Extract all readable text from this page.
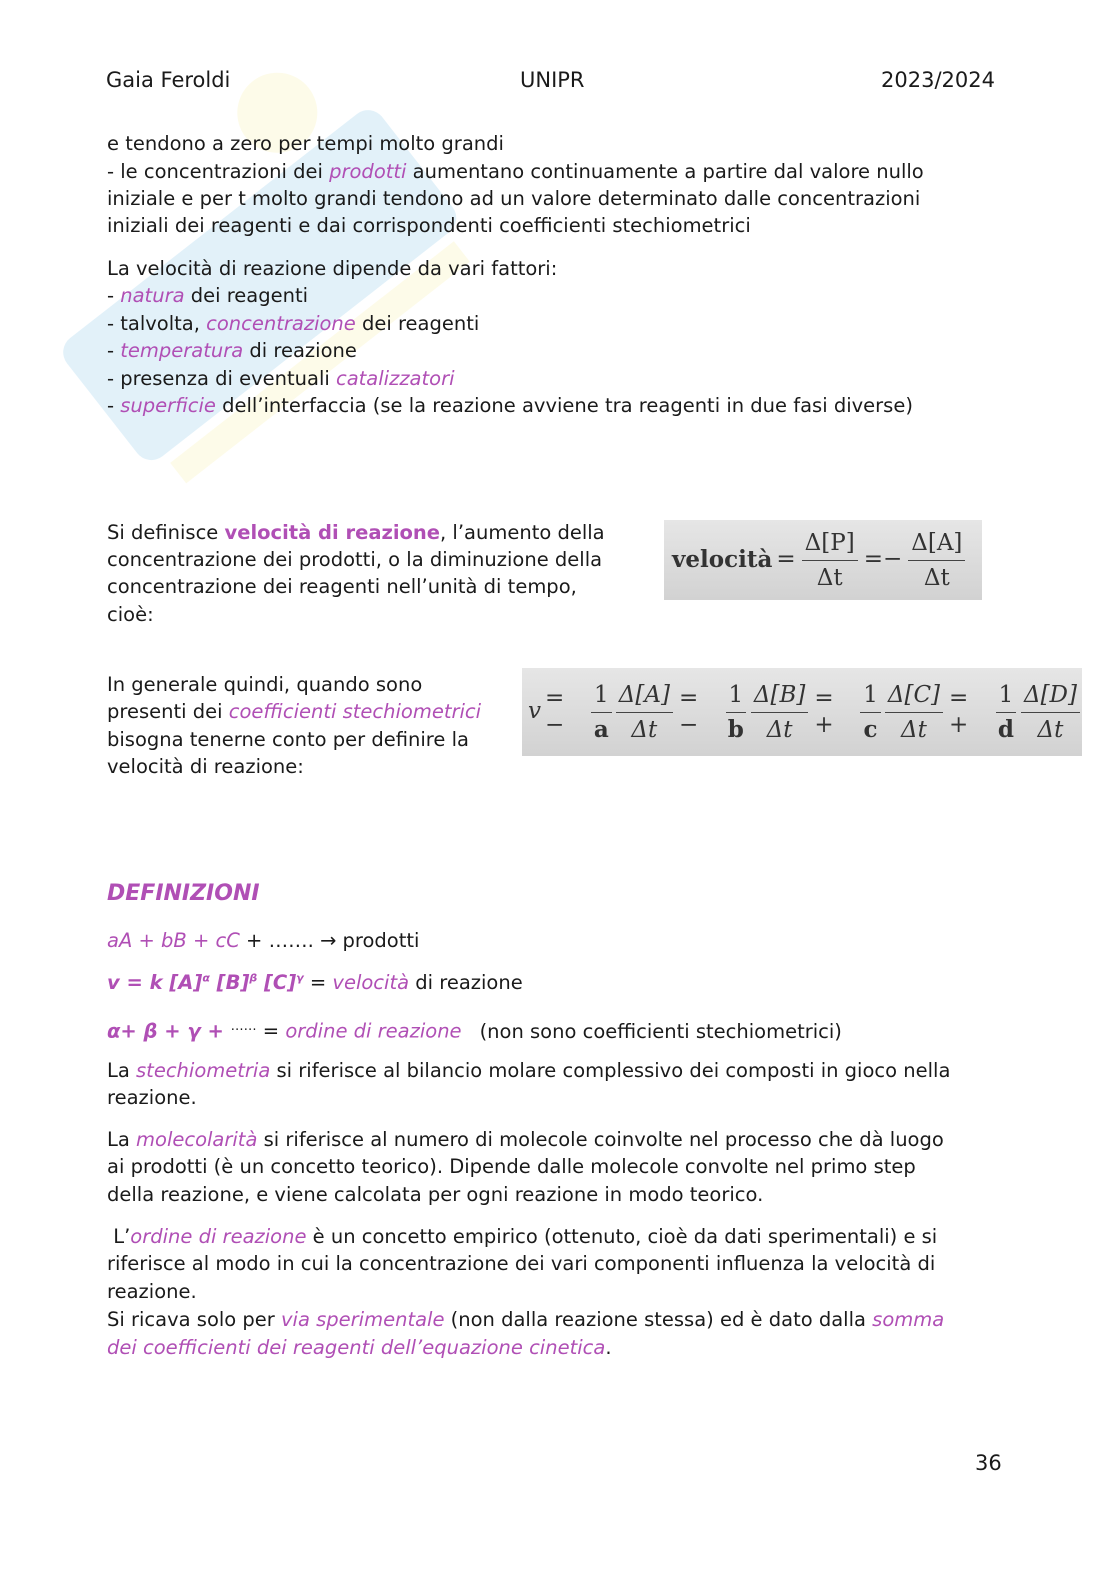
Gaia Feroldi	UNIPR	2023/2024
e tendono a zero per tempi molto grandi
- le concentrazioni dei prodotti aumentano continuamente a partire dal valore nullo
iniziale e per t molto grandi tendono ad un valore determinato dalle concentrazioni
iniziali dei reagenti e dai corrispondenti coefficienti stechiometrici
La velocità di reazione dipende da vari fattori:
- natura dei reagenti
- talvolta, concentrazione dei reagenti
- temperatura di reazione
- presenza di eventuali catalizzatori
- superficie dell’interfaccia (se la reazione avviene tra reagenti in due fasi diverse)
Si definisce velocità di reazione, l’aumento della
concentrazione dei prodotti, o la diminuzione della
concentrazione dei reagenti nell’unità di tempo,
cioè:
velocità = $\frac{\Delta[P]}{\Delta t} =- \frac{\Delta[A]}{\Delta t}$
In generale quindi, quando sono
presenti dei coefficienti stechiometrici
bisogna tenerne conto per definire la
velocità di reazione:
v
= −	$\frac{1}{a} \frac{\Delta[A]}{\Delta t}$ = −	$\frac{1}{b} \frac{\Delta[B]}{\Delta t}$ = +	$\frac{1}{c} \frac{\Delta[C]}{\Delta t}$ = +	$\frac{1}{d} \frac{\Delta[D]}{\Delta t}$
DEFINIZIONI
aA + bB + cC + ……. → prodotti
v = k $[A]^\alpha$ $[B]^\beta$ $[C]^\gamma$ = velocità di reazione
α+ β + γ + …… = ordine di reazione (non sono coefficienti stechiometrici)
La stechiometria si riferisce al bilancio molare complessivo dei composti in gioco nella
reazione.
La molecolarità si riferisce al numero di molecole coinvolte nel processo che dà luogo
ai prodotti (è un concetto teorico). Dipende dalle molecole convolte nel primo step
della reazione, e viene calcolata per ogni reazione in modo teorico.
L’ordine di reazione è un concetto empirico (ottenuto, cioè da dati sperimentali) e si
riferisce al modo in cui la concentrazione dei vari componenti influenza la velocità di
reazione.
Si ricava solo per via sperimentale (non dalla reazione stessa) ed è dato dalla somma
dei coefficienti dei reagenti dell’equazione cinetica.
36
